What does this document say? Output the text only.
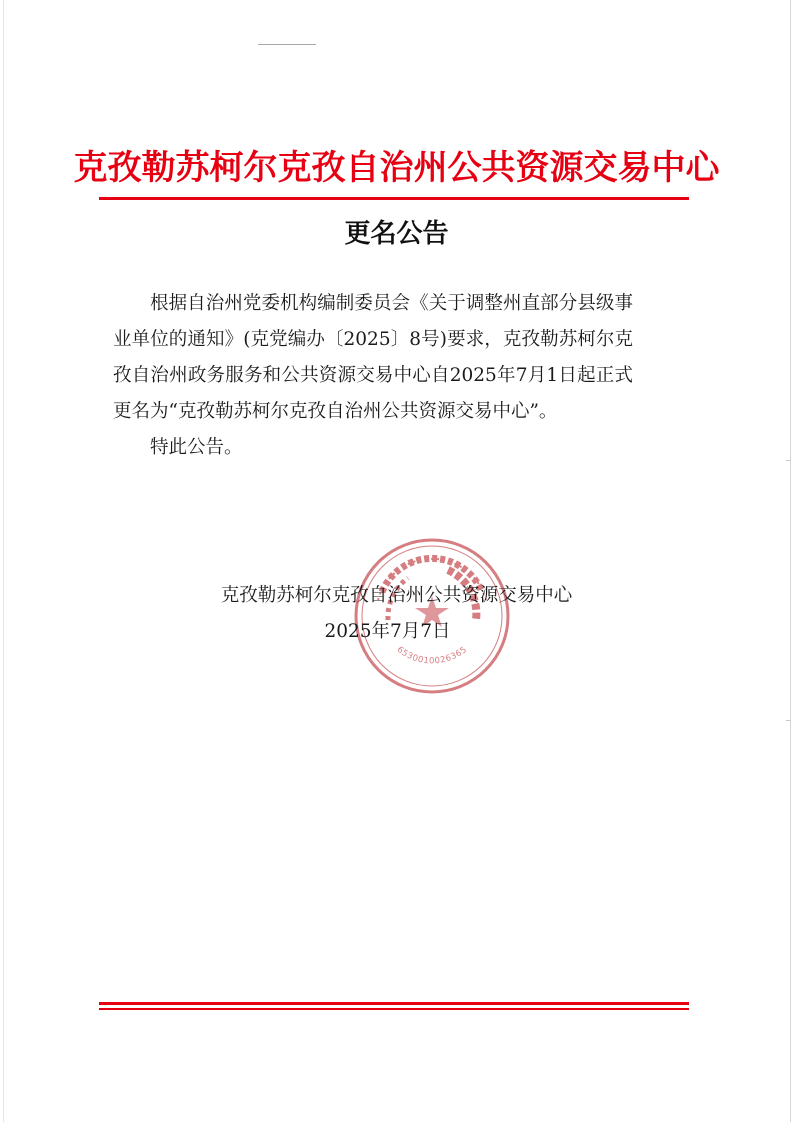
克孜勒苏柯尔克孜自治州公共资源交易中心
更名公告

根据自治州党委机构编制委员会《关于调整州直部分县级事业单位的通知》(克党编办〔2025〕8号)要求，克孜勒苏柯尔克孜自治州政务服务和公共资源交易中心自2025年7月1日起正式更名为“克孜勒苏柯尔克孜自治州公共资源交易中心”。

特此公告。

6530010026365
克孜勒苏柯尔克孜自治州公共资源交易中心
2025年7月7日
